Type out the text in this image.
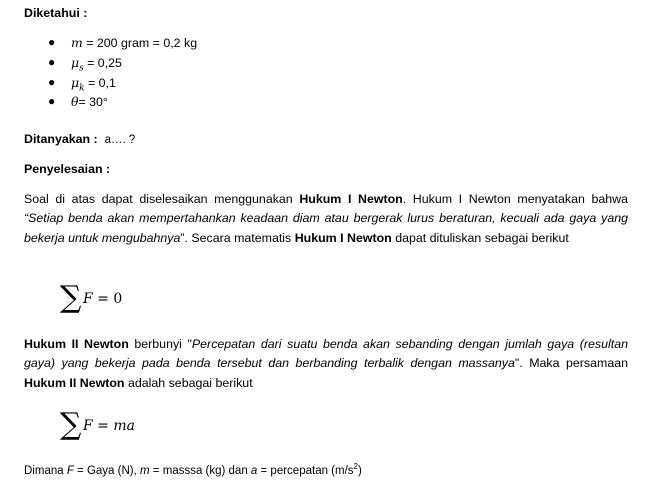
Diketahui :
● m = 200 gram = 0,2 kg
● $\mu_s = 0,25$
● $\mu_k = 0,1$
● θ= 30°
Ditanyakan : a…. ?
Penyelesaian :
Soal di atas dapat diselesaikan menggunakan Hukum I Newton. Hukum I Newton menyatakan bahwa “Setiap benda akan mempertahankan keadaan diam atau bergerak lurus beraturan, kecuali ada gaya yang bekerja untuk mengubahnya”. Secara matematis Hukum I Newton dapat dituliskan sebagai berikut
∑ F = 0
Hukum II Newton berbunyi "Percepatan dari suatu benda akan sebanding dengan jumlah gaya (resultan gaya) yang bekerja pada benda tersebut dan berbanding terbalik dengan massanya". Maka persamaan Hukum II Newton adalah sebagai berikut
∑ F = ma
Dimana F = Gaya (N), m = masssa (kg) dan a = percepatan $(m/s^2)$
